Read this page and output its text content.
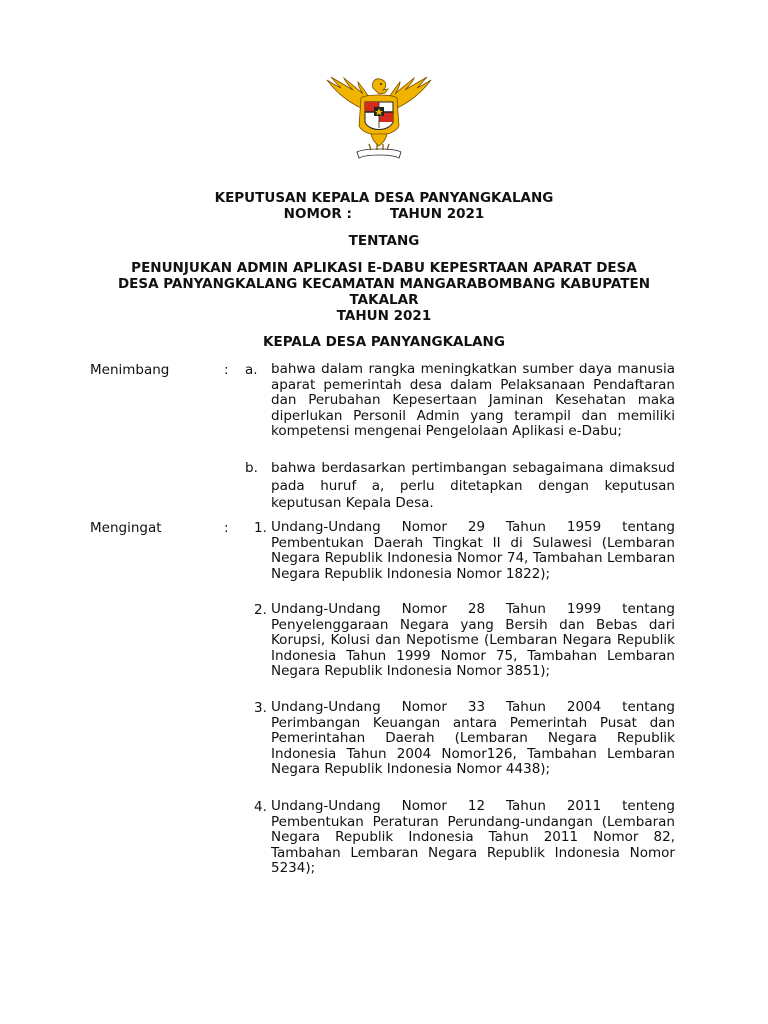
KEPUTUSAN KEPALA DESA PANYANGKALANG
NOMOR :	TAHUN 2021
TENTANG
PENUNJUKAN ADMIN APLIKASI E-DABU KEPESRTAAN APARAT DESA
DESA PANYANGKALANG KECAMATAN MANGARABOMBANG KABUPATEN
TAKALAR
TAHUN 2021
KEPALA DESA PANYANGKALANG
Menimbang	: a. bahwa dalam rangka meningkatkan sumber daya manusia aparat pemerintah desa dalam Pelaksanaan Pendaftaran dan Perubahan Kepesertaan Jaminan Kesehatan maka diperlukan Personil Admin yang terampil dan memiliki kompetensi mengenai Pengelolaan Aplikasi e-Dabu;
b. bahwa berdasarkan pertimbangan sebagaimana dimaksud pada huruf a, perlu ditetapkan dengan keputusan keputusan Kepala Desa.
Mengingat	: 1. Undang-Undang Nomor 29 Tahun 1959 tentang Pembentukan Daerah Tingkat II di Sulawesi (Lembaran Negara Republik Indonesia Nomor 74, Tambahan Lembaran Negara Republik Indonesia Nomor 1822);
2. Undang-Undang Nomor 28 Tahun 1999 tentang Penyelenggaraan Negara yang Bersih dan Bebas dari Korupsi, Kolusi dan Nepotisme (Lembaran Negara Republik Indonesia Tahun 1999 Nomor 75, Tambahan Lembaran Negara Republik Indonesia Nomor 3851);
3. Undang-Undang Nomor 33 Tahun 2004 tentang Perimbangan Keuangan antara Pemerintah Pusat dan Pemerintahan Daerah (Lembaran Negara Republik Indonesia Tahun 2004 Nomor126, Tambahan Lembaran Negara Republik Indonesia Nomor 4438);
4. Undang-Undang Nomor 12 Tahun 2011 tenteng Pembentukan Peraturan Perundang-undangan (Lembaran Negara Republik Indonesia Tahun 2011 Nomor 82, Tambahan Lembaran Negara Republik Indonesia Nomor 5234);
